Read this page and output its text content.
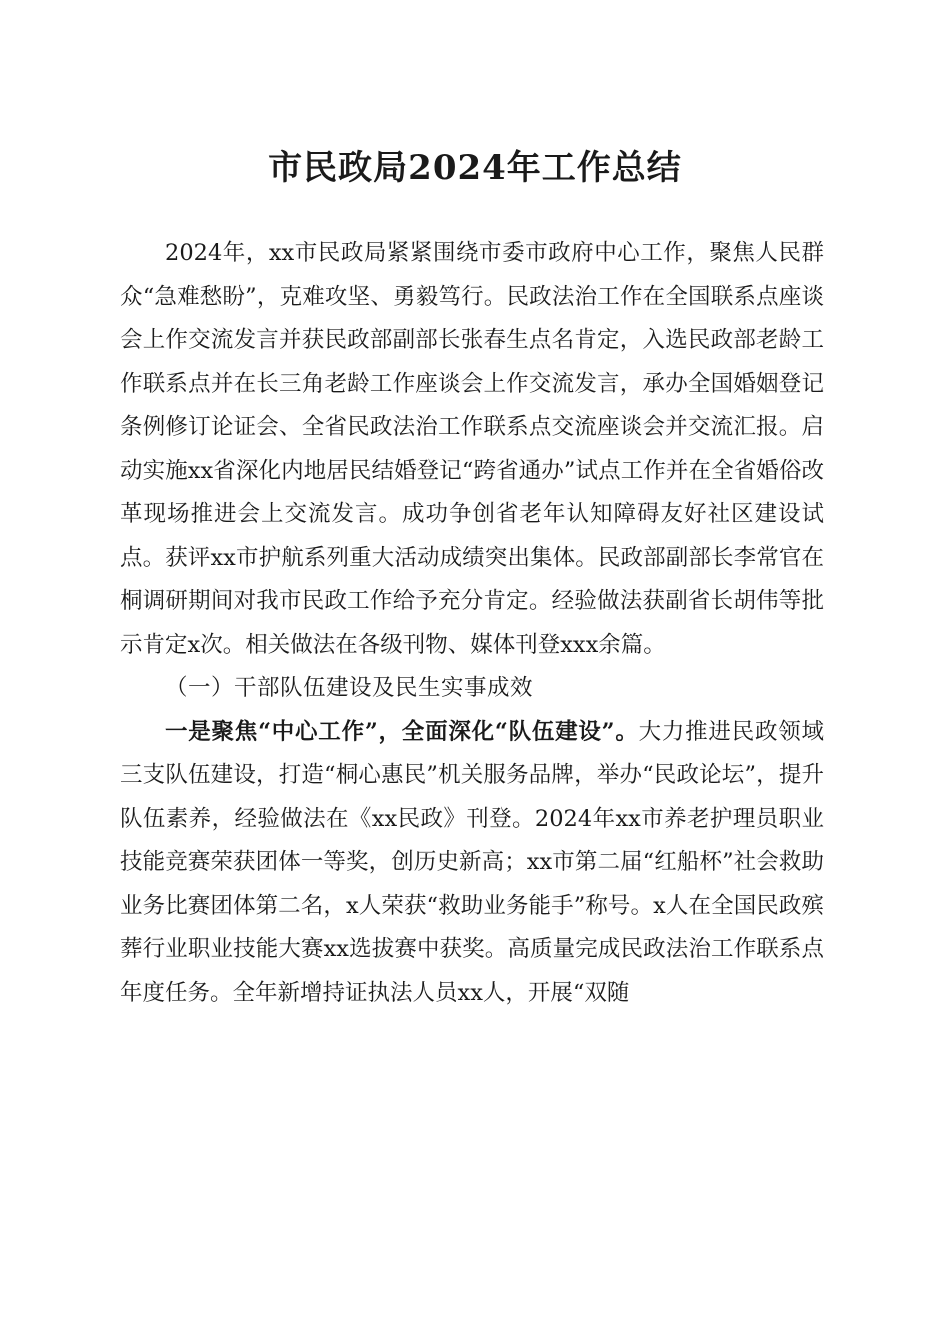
市民政局2024年工作总结

2024年，xx市民政局紧紧围绕市委市政府中心工作，聚焦人民群众“急难愁盼”，克难攻坚、勇毅笃行。民政法治工作在全国联系点座谈会上作交流发言并获民政部副部长张春生点名肯定，入选民政部老龄工作联系点并在长三角老龄工作座谈会上作交流发言，承办全国婚姻登记条例修订论证会、全省民政法治工作联系点交流座谈会并交流汇报。启动实施xx省深化内地居民结婚登记“跨省通办”试点工作并在全省婚俗改革现场推进会上交流发言。成功争创省老年认知障碍友好社区建设试点。获评xx市护航系列重大活动成绩突出集体。民政部副部长李常官在桐调研期间对我市民政工作给予充分肯定。经验做法获副省长胡伟等批示肯定x次。相关做法在各级刊物、媒体刊登xxx余篇。

（一）干部队伍建设及民生实事成效

一是聚焦“中心工作”，全面深化“队伍建设”。大力推进民政领域三支队伍建设，打造“桐心惠民”机关服务品牌，举办“民政论坛”，提升队伍素养，经验做法在《xx民政》刊登。2024年xx市养老护理员职业技能竞赛荣获团体一等奖，创历史新高；xx市第二届“红船杯”社会救助业务比赛团体第二名，x人荣获“救助业务能手”称号。x人在全国民政殡葬行业职业技能大赛xx选拔赛中获奖。高质量完成民政法治工作联系点年度任务。全年新增持证执法人员xx人，开展“双随
